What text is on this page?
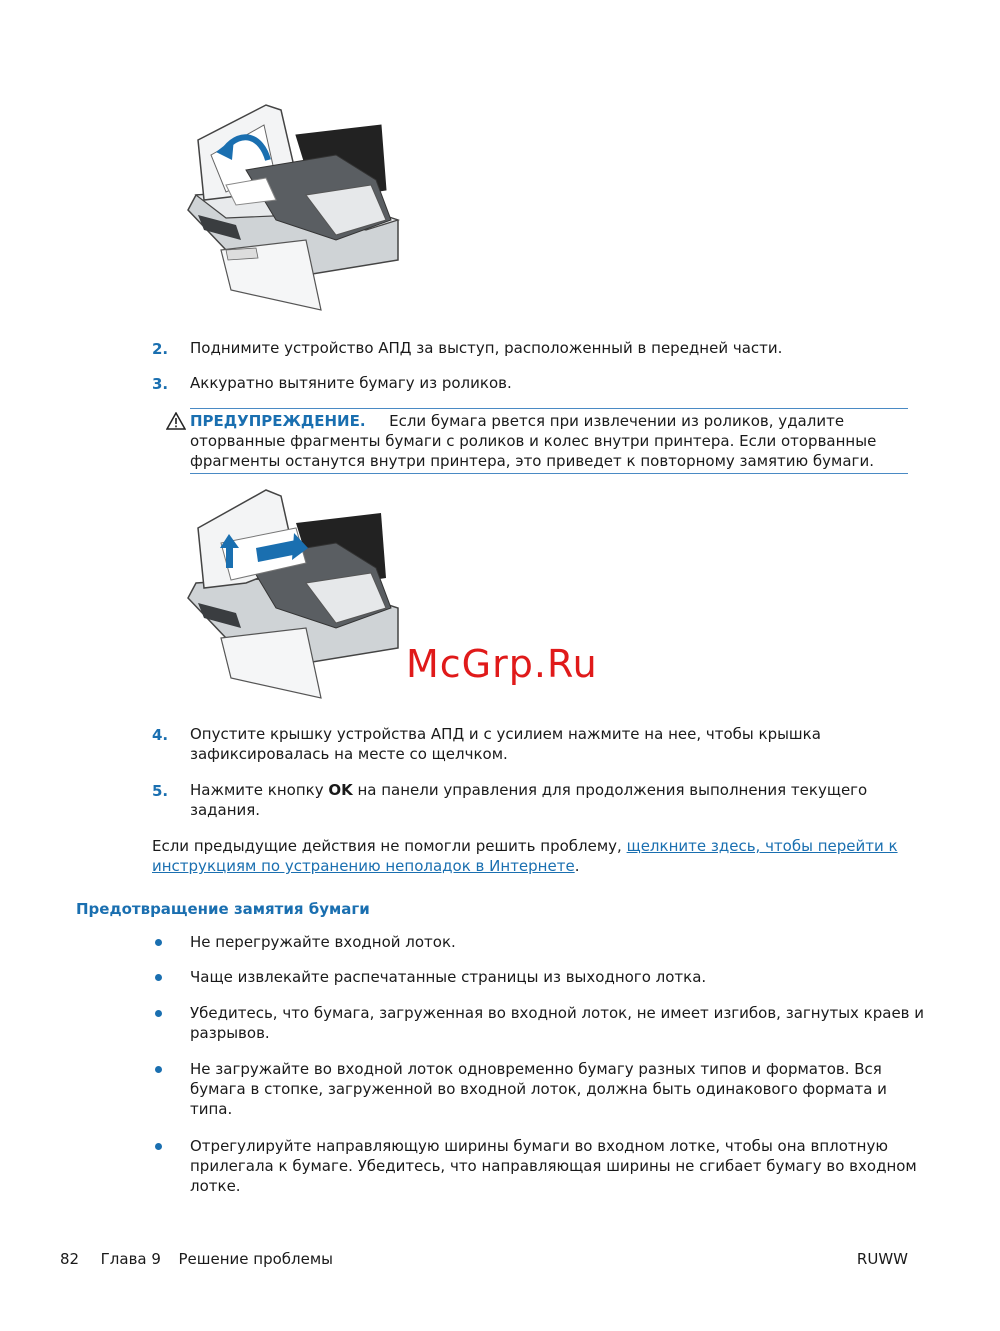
2. Поднимите устройство АПД за выступ, расположенный в передней части.
3. Аккуратно вытяните бумагу из роликов.
ПРЕДУПРЕЖДЕНИЕ. Если бумага рвется при извлечении из роликов, удалите
оторванные фрагменты бумаги с роликов и колес внутри принтера. Если оторванные
фрагменты останутся внутри принтера, это приведет к повторному замятию бумаги.
McGrp.Ru
4. Опустите крышку устройства АПД и с усилием нажмите на нее, чтобы крышка
зафиксировалась на месте со щелчком.
5. Нажмите кнопку OK на панели управления для продолжения выполнения текущего
задания.
Если предыдущие действия не помогли решить проблему, щелкните здесь, чтобы перейти к
инструкциям по устранению неполадок в Интернете.
Предотвращение замятия бумаги
Не перегружайте входной лоток.
Чаще извлекайте распечатанные страницы из выходного лотка.
Убедитесь, что бумага, загруженная во входной лоток, не имеет изгибов, загнутых краев и
разрывов.
Не загружайте во входной лоток одновременно бумагу разных типов и форматов. Вся
бумага в стопке, загруженной во входной лоток, должна быть одинакового формата и
типа.
Отрегулируйте направляющую ширины бумаги во входном лотке, чтобы она вплотную
прилегала к бумаге. Убедитесь, что направляющая ширины не сгибает бумагу во входном
лотке.
82 Глава 9 Решение проблемы	RUWW
